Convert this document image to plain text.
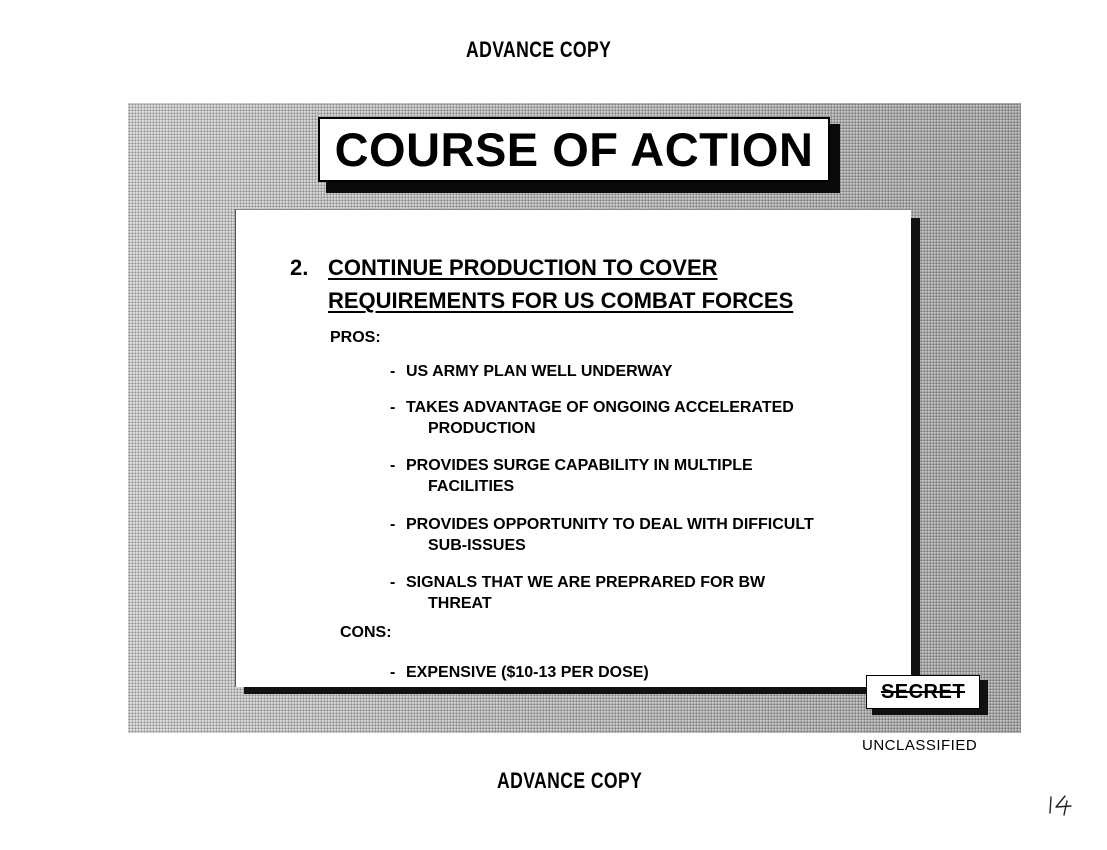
ADVANCE COPY
COURSE OF ACTION
2. CONTINUE PRODUCTION TO COVER
REQUIREMENTS FOR US COMBAT FORCES
PROS:
- US ARMY PLAN WELL UNDERWAY
- TAKES ADVANTAGE OF ONGOING ACCELERATED
PRODUCTION
- PROVIDES SURGE CAPABILITY IN MULTIPLE
FACILITIES
- PROVIDES OPPORTUNITY TO DEAL WITH DIFFICULT
SUB-ISSUES
- SIGNALS THAT WE ARE PREPRARED FOR BW
THREAT
CONS:
- EXPENSIVE ($10-13 PER DOSE)
SECRET
UNCLASSIFIED
ADVANCE COPY
